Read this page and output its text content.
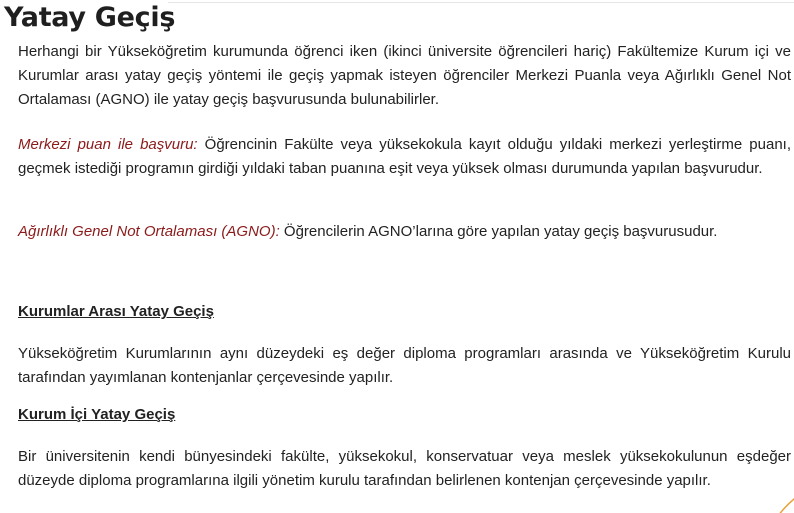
Yatay Geçiş

Herhangi bir Yükseköğretim kurumunda öğrenci iken (ikinci üniversite öğrencileri hariç) Fakültemize Kurum içi ve Kurumlar arası yatay geçiş yöntemi ile geçiş yapmak isteyen öğrenciler Merkezi Puanla veya Ağırlıklı Genel Not Ortalaması (AGNO) ile yatay geçiş başvurusunda bulunabilirler.

Merkezi puan ile başvuru: Öğrencinin Fakülte veya yüksekokula kayıt olduğu yıldaki merkezi yerleştirme puanı, geçmek istediği programın girdiği yıldaki taban puanına eşit veya yüksek olması durumunda yapılan başvurudur.

Ağırlıklı Genel Not Ortalaması (AGNO): Öğrencilerin AGNO’larına göre yapılan yatay geçiş başvurusudur.

Kurumlar Arası Yatay Geçiş

Yükseköğretim Kurumlarının aynı düzeydeki eş değer diploma programları arasında ve Yükseköğretim Kurulu tarafından yayımlanan kontenjanlar çerçevesinde yapılır.

Kurum İçi Yatay Geçiş

Bir üniversitenin kendi bünyesindeki fakülte, yüksekokul, konservatuar veya meslek yüksekokulunun eşdeğer düzeyde diploma programlarına ilgili yönetim kurulu tarafından belirlenen kontenjan çerçevesinde yapılır.
